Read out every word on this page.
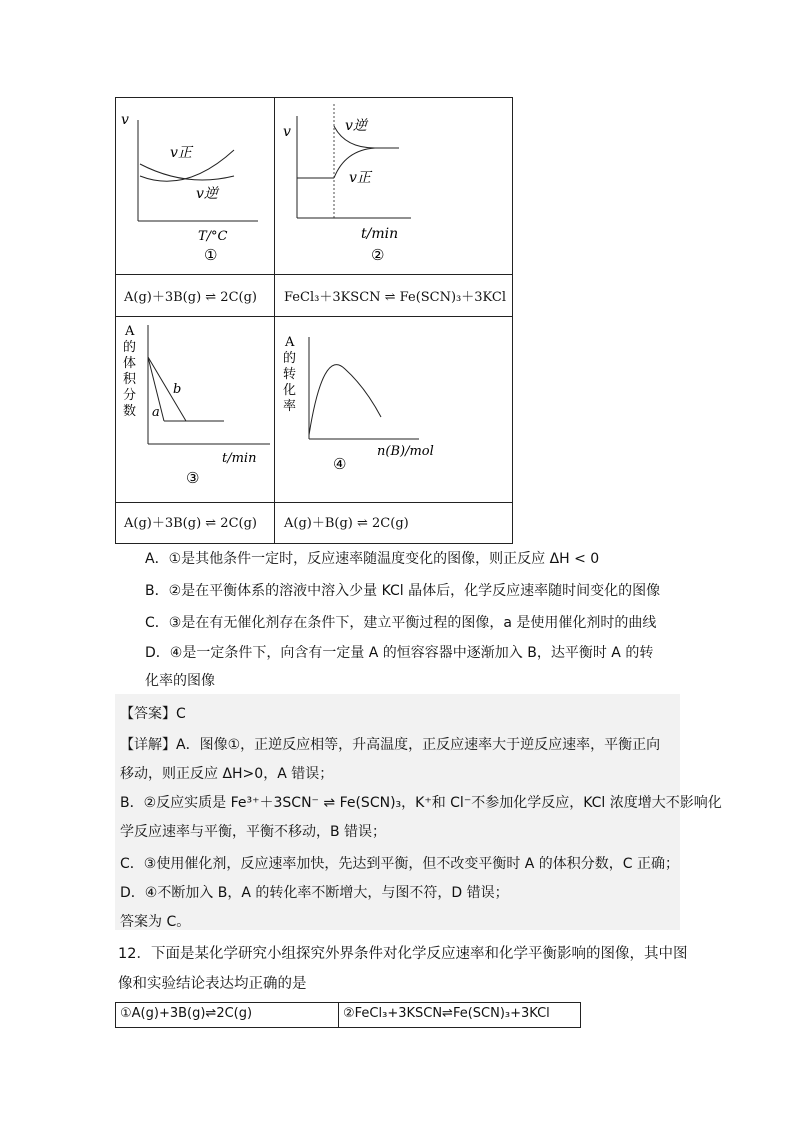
v
v正
v逆
T/°C
①
v	v逆
v正
t/min
②
A(g)＋3B(g) ⇌ 2C(g) FeCl₃＋3KSCN ⇌ Fe(SCN)₃＋3KCl
A
的
体
积
分
数
b
a
t/min
③
A
的
转
化
率
n(B)/mol
④
A(g)＋3B(g) ⇌ 2C(g) A(g)＋B(g) ⇌ 2C(g)
A．①是其他条件一定时，反应速率随温度变化的图像，则正反应 ΔH < 0
B．②是在平衡体系的溶液中溶入少量 KCl 晶体后，化学反应速率随时间变化的图像
C．③是在有无催化剂存在条件下，建立平衡过程的图像，a 是使用催化剂时的曲线
D．④是一定条件下，向含有一定量 A 的恒容容器中逐渐加入 B，达平衡时 A 的转
化率的图像
【答案】C
【详解】A．图像①，正逆反应相等，升高温度，正反应速率大于逆反应速率，平衡正向
移动，则正反应 ΔH>0，A 错误；
B．②反应实质是 Fe³⁺＋3SCN⁻ ⇌ Fe(SCN)₃，K⁺和 Cl⁻不参加化学反应，KCl 浓度增大不影响化
学反应速率与平衡，平衡不移动，B 错误；
C．③使用催化剂，反应速率加快，先达到平衡，但不改变平衡时 A 的体积分数，C 正确；
D．④不断加入 B，A 的转化率不断增大，与图不符，D 错误；
答案为 C。
12．下面是某化学研究小组探究外界条件对化学反应速率和化学平衡影响的图像，其中图
像和实验结论表达均正确的是
①A(g)+3B(g)⇌2C(g)	②FeCl₃+3KSCN⇌Fe(SCN)₃+3KCl
